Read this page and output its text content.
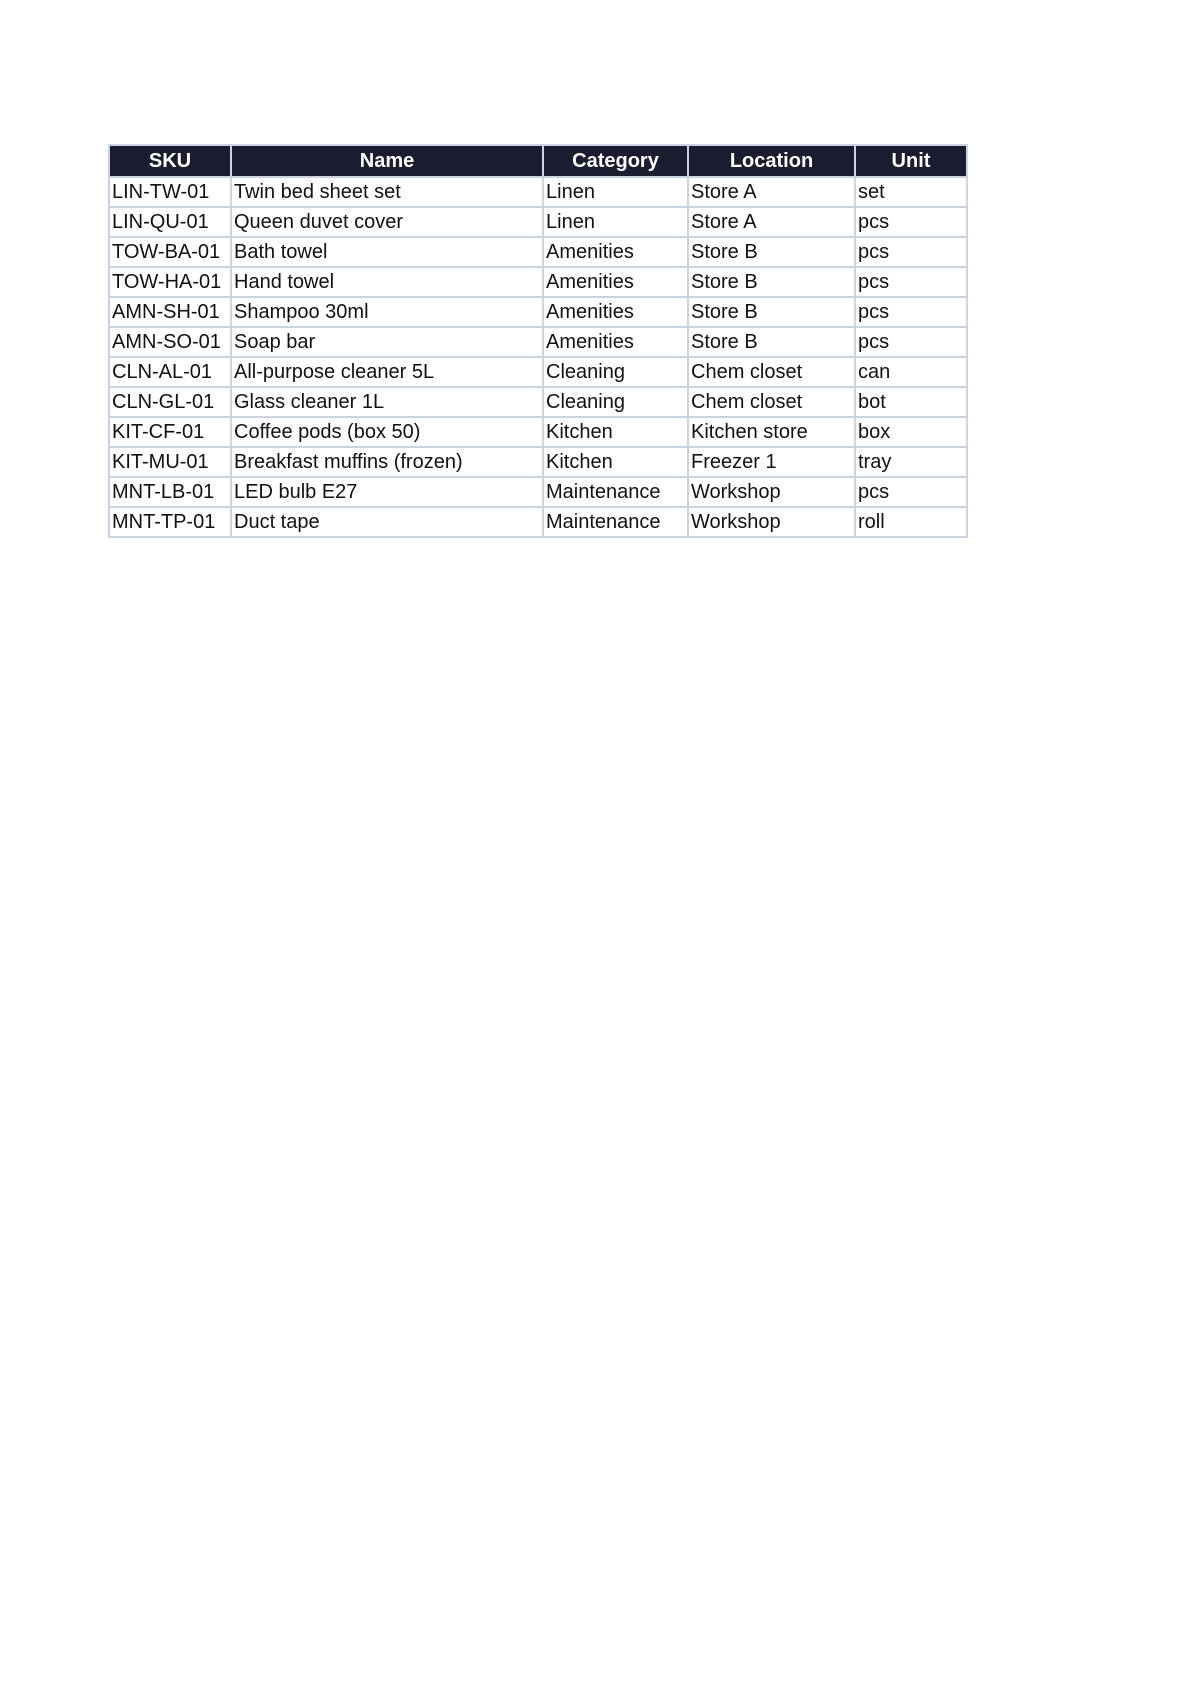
SKU	Name	Category	Location	Unit
LIN-TW-01	Twin bed sheet set	Linen	Store A	set
LIN-QU-01	Queen duvet cover	Linen	Store A	pcs
TOW-BA-01	Bath towel	Amenities	Store B	pcs
TOW-HA-01	Hand towel	Amenities	Store B	pcs
AMN-SH-01	Shampoo 30ml	Amenities	Store B	pcs
AMN-SO-01	Soap bar	Amenities	Store B	pcs
CLN-AL-01	All-purpose cleaner 5L	Cleaning	Chem closet	can
CLN-GL-01	Glass cleaner 1L	Cleaning	Chem closet	bot
KIT-CF-01	Coffee pods (box 50)	Kitchen	Kitchen store	box
KIT-MU-01	Breakfast muffins (frozen)	Kitchen	Freezer 1	tray
MNT-LB-01	LED bulb E27	Maintenance	Workshop	pcs
MNT-TP-01	Duct tape	Maintenance	Workshop	roll
